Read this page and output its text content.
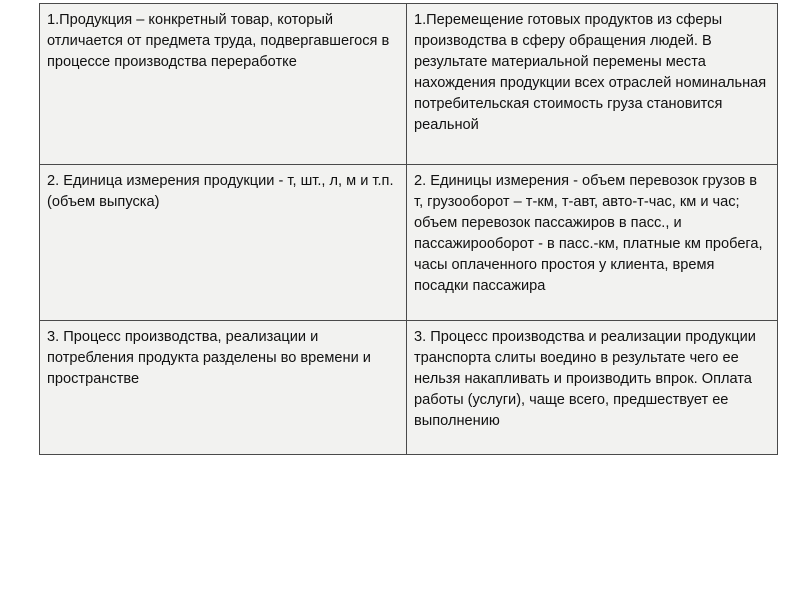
1.Продукция – конкретный товар, который отличается от предмета труда, подвергавшегося в процессе производства переработке	1.Перемещение готовых продуктов из сферы производства в сферу обращения людей. В результате материальной перемены места нахождения продукции всех отраслей номинальная потребительская стоимость груза становится реальной
2. Единица измерения продукции - т, шт., л, м и т.п. (объем выпуска)	2. Единицы измерения - объем перевозок грузов в т, грузооборот – т-км, т-авт, авто-т-час, км и час; объем перевозок пассажиров в пасс., и пассажирооборот - в пасс.-км, платные км пробега, часы оплаченного простоя у клиента, время посадки пассажира
3. Процесс производства, реализации и потребления продукта разделены во времени и пространстве	3. Процесс производства и реализации продукции транспорта слиты воедино в результате чего ее нельзя накапливать и производить впрок. Оплата работы (услуги), чаще всего, предшествует ее выполнению
